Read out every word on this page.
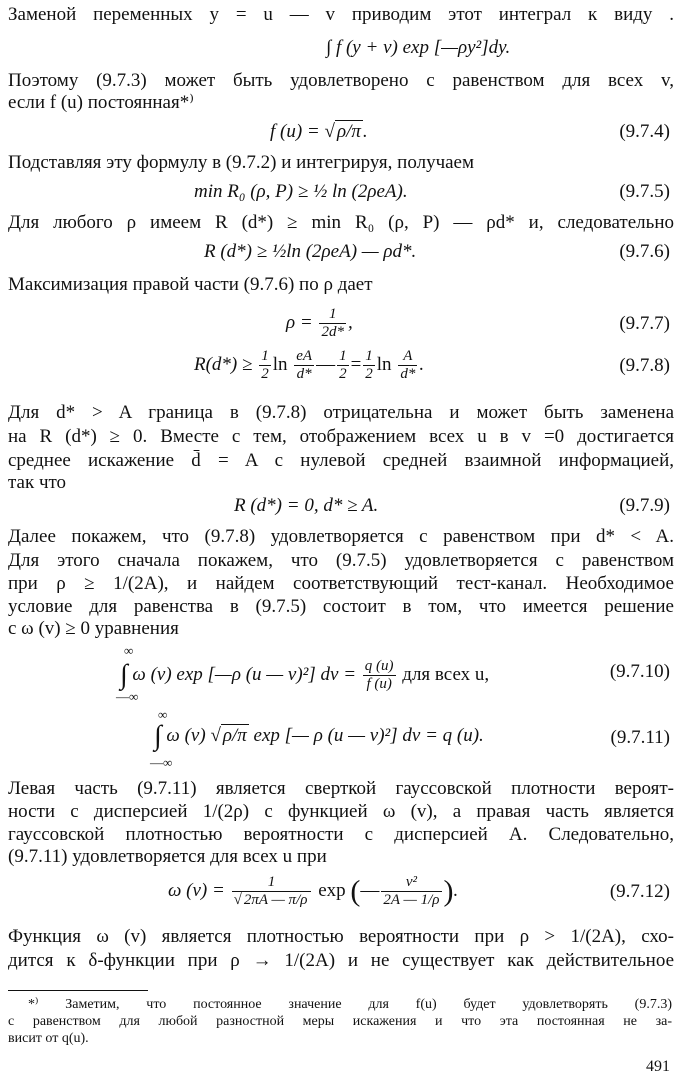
Заменой переменных y = u — v приводим этот интеграл к виду .
∫ f (y + v) exp [—ρy²]dy.
Поэтому (9.7.3) может быть удовлетворено с равенством для всех v,
если f (u) постоянная*⁾
f (u) = √ ρ/π .	(9.7.4)
Подставляя эту формулу в (9.7.2) и интегрируя, получаем
min R₀ (ρ, P) ≥ ½ ln (2ρeA).	(9.7.5)
Для любого ρ имеем R (d*) ≥ min R₀ (ρ, P) — ρd* и, следовательно
R (d*) ≥ ½ln (2ρeA) — ρd*.	(9.7.6)
Максимизация правой части (9.7.6) по ρ дает
$\rho = \frac{1}{2d*}$ ,	(9.7.7)
$R(d*) \ge \frac{1}{2}$ $\ln \frac{eA}{d*}$ — $\frac{1}{2} = \frac{1}{2}$ $\ln \frac{A}{d*}$ .	(9.7.8)
Для d* > A граница в (9.7.8) отрицательна и может быть заменена
на R (d*) ≥ 0. Вместе с тем, отображением всех u в v =0 достигается
среднее искажение d̄ = A с нулевой средней взаимной информацией,
так что
R (d*) = 0, d* ≥ A.	(9.7.9)
Далее покажем, что (9.7.8) удовлетворяется с равенством при d* < A.
Для этого сначала покажем, что (9.7.5) удовлетворяется с равенством
при ρ ≥ 1/(2A), и найдем соответствующий тест-канал. Необходимое
условие для равенства в (9.7.5) состоит в том, что имеется решение
с ω (v) ≥ 0 уравнения
∞
∫ ω (v) exp [—ρ (u — v)²] dv = $\frac{q (u)}{f (u)}$ для всех u,
—∞
(9.7.10)
∞
∫ ω (v) √ ρ/π exp [— ρ (u — v)²] dv = q (u).
—∞
(9.7.11)
Левая часть (9.7.11) является сверткой гауссовской плотности вероят-
ности с дисперсией 1/(2ρ) с функцией ω (v), а правая часть является
гауссовской плотностью вероятности с дисперсией A. Следовательно,
(9.7.11) удовлетворяется для всех u при
ω $(v) = \frac{1}{√ 2\pi A — \pi/\rho}$ exp (— $\frac{\text{v²}}{2A — 1/\rho}$ ).	(9.7.12)
Функция ω (v) является плотностью вероятности при ρ > 1/(2A), схо-
дится к δ-функции при ρ → 1/(2A) и не существует как действительное
*⁾ Заметим, что постоянное значение для f(u) будет удовлетворять (9.7.3)
с равенством для любой разностной меры искажения и что эта постоянная не за-
висит от q(u).
491
